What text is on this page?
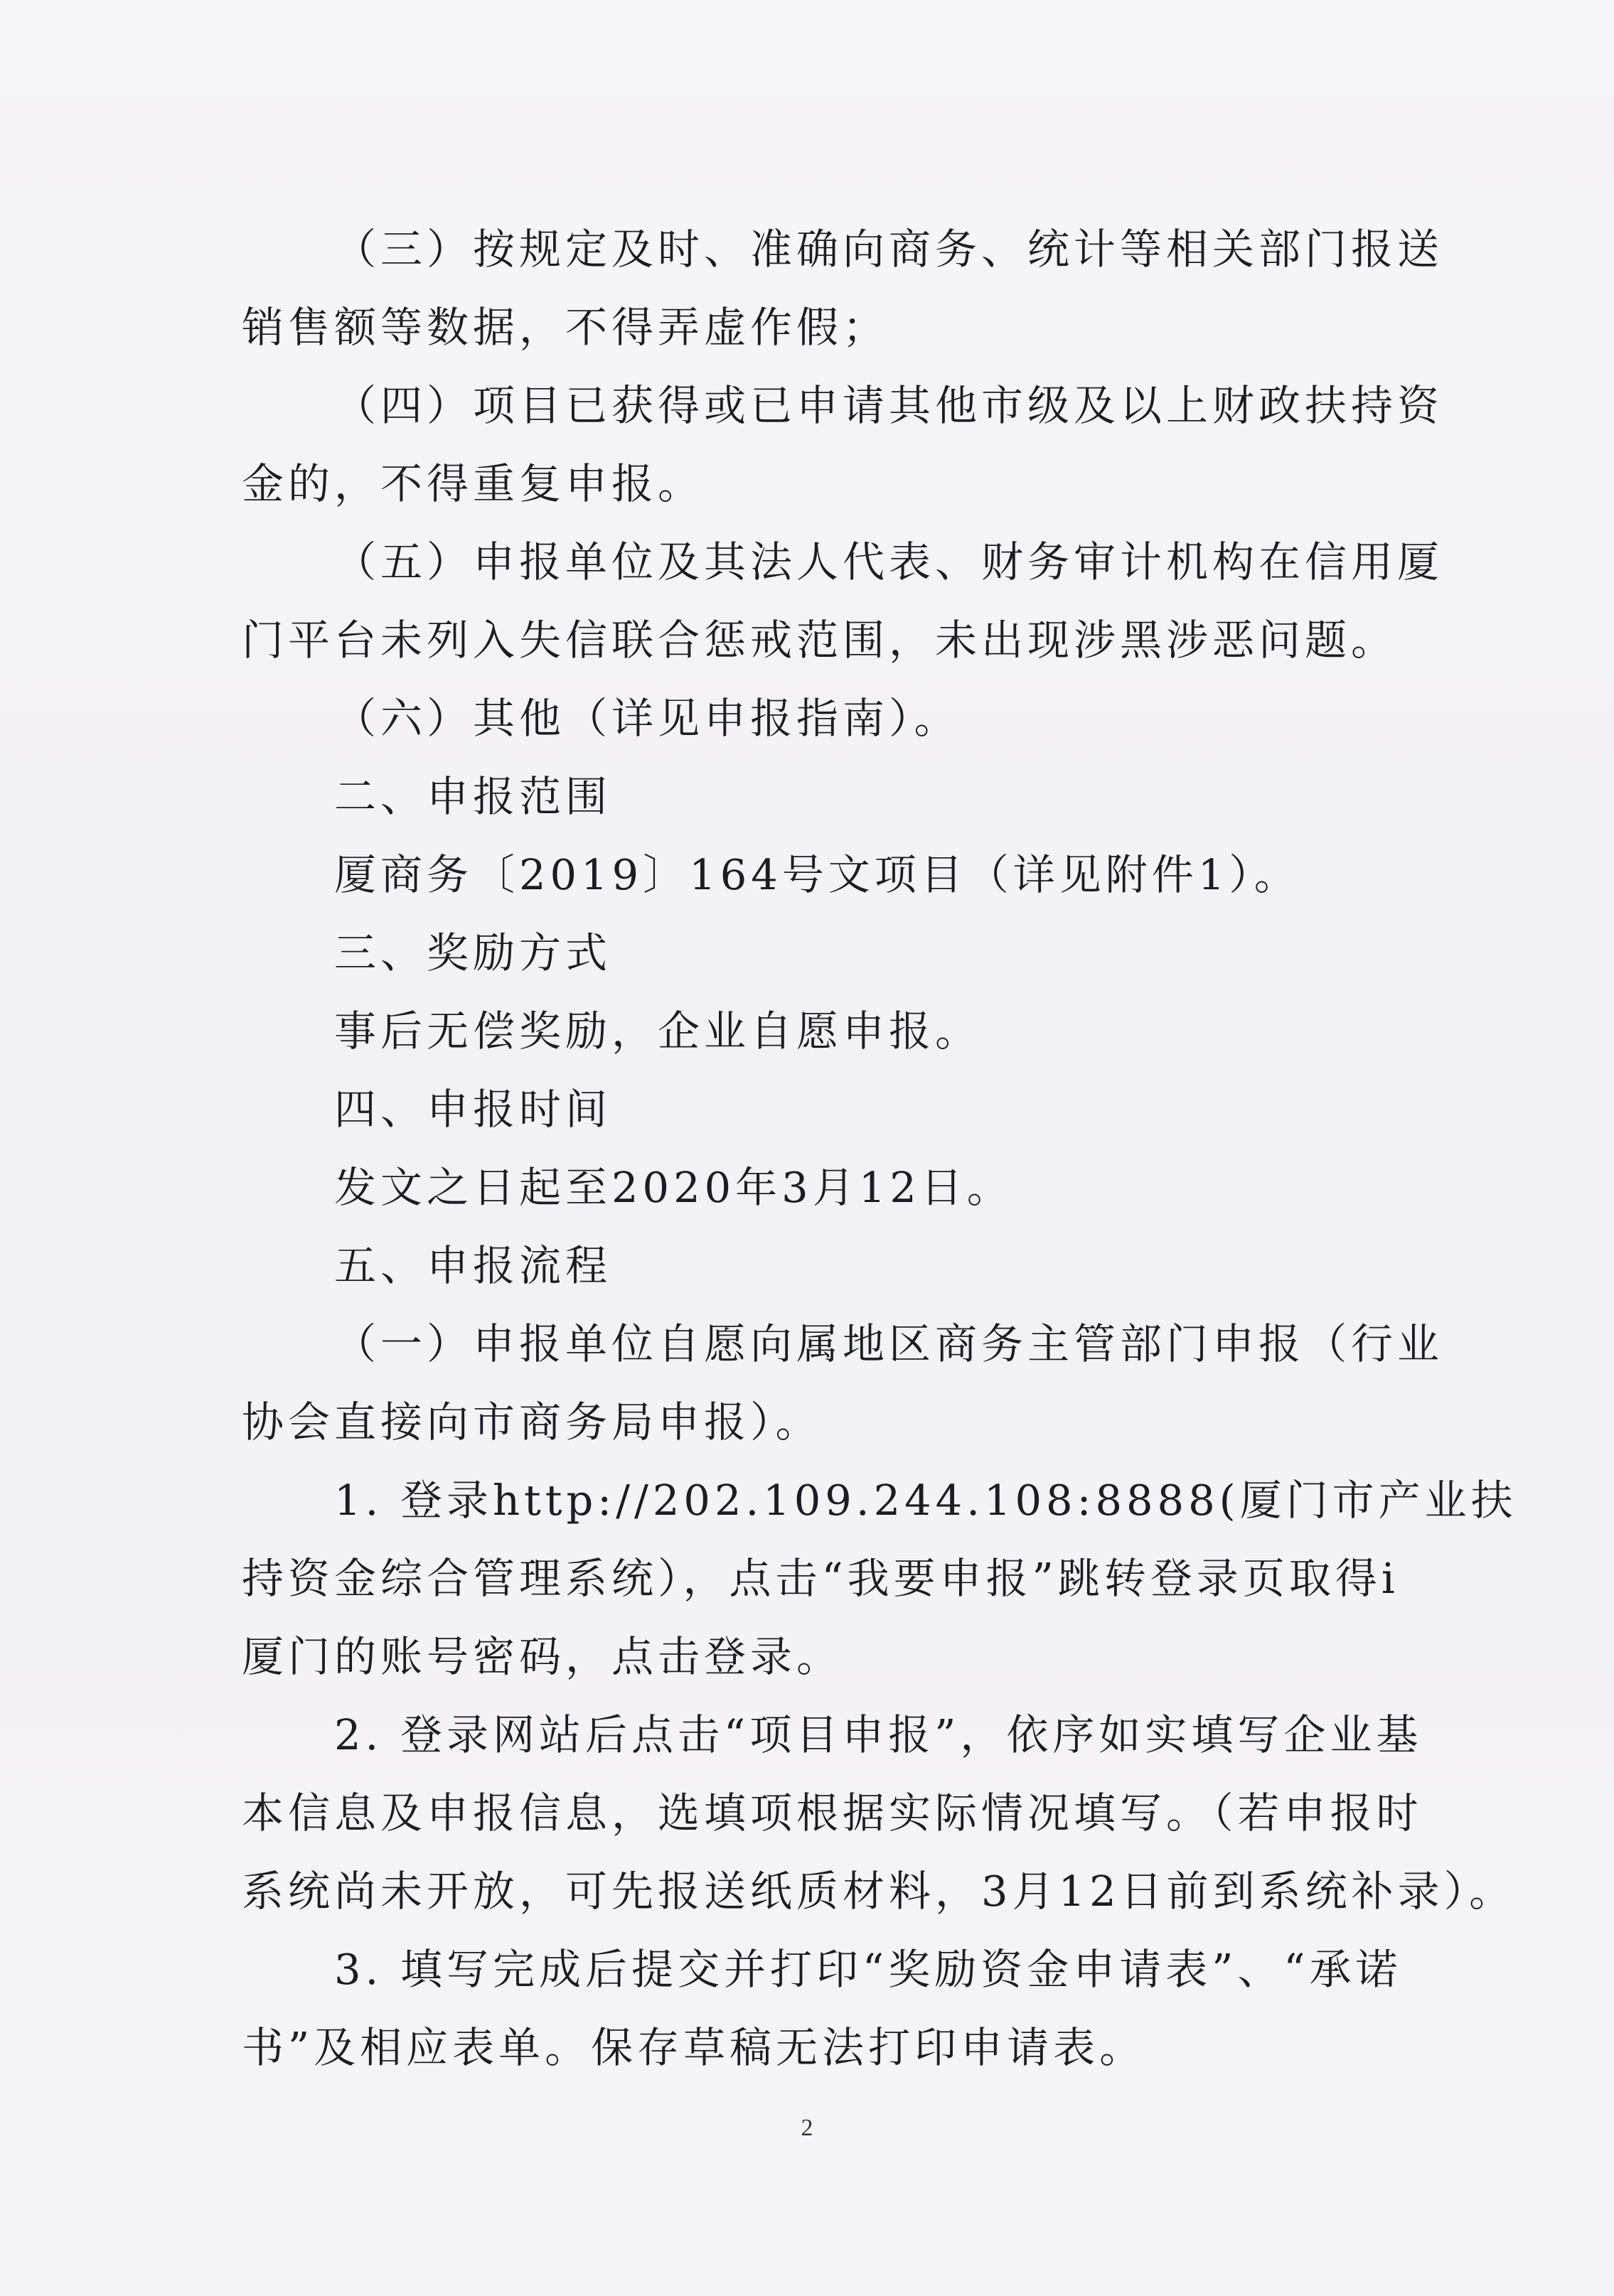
（三）按规定及时、准确向商务、统计等相关部门报送
销售额等数据，不得弄虚作假；
（四）项目已获得或已申请其他市级及以上财政扶持资
金的，不得重复申报。
（五）申报单位及其法人代表、财务审计机构在信用厦
门平台未列入失信联合惩戒范围，未出现涉黑涉恶问题。
（六）其他（详见申报指南）。
二、申报范围
厦商务〔2019〕164号文项目（详见附件1）。
三、奖励方式
事后无偿奖励，企业自愿申报。
四、申报时间
发文之日起至2020年3月12日。
五、申报流程
（一）申报单位自愿向属地区商务主管部门申报（行业
协会直接向市商务局申报）。
1. 登录http://202.109.244.108:8888(厦门市产业扶
持资金综合管理系统），点击“我要申报”跳转登录页取得i
厦门的账号密码，点击登录。
2. 登录网站后点击“项目申报”，依序如实填写企业基
本信息及申报信息，选填项根据实际情况填写。（若申报时
系统尚未开放，可先报送纸质材料，3月12日前到系统补录）。
3. 填写完成后提交并打印“奖励资金申请表”、“承诺
书”及相应表单。保存草稿无法打印申请表。
2
